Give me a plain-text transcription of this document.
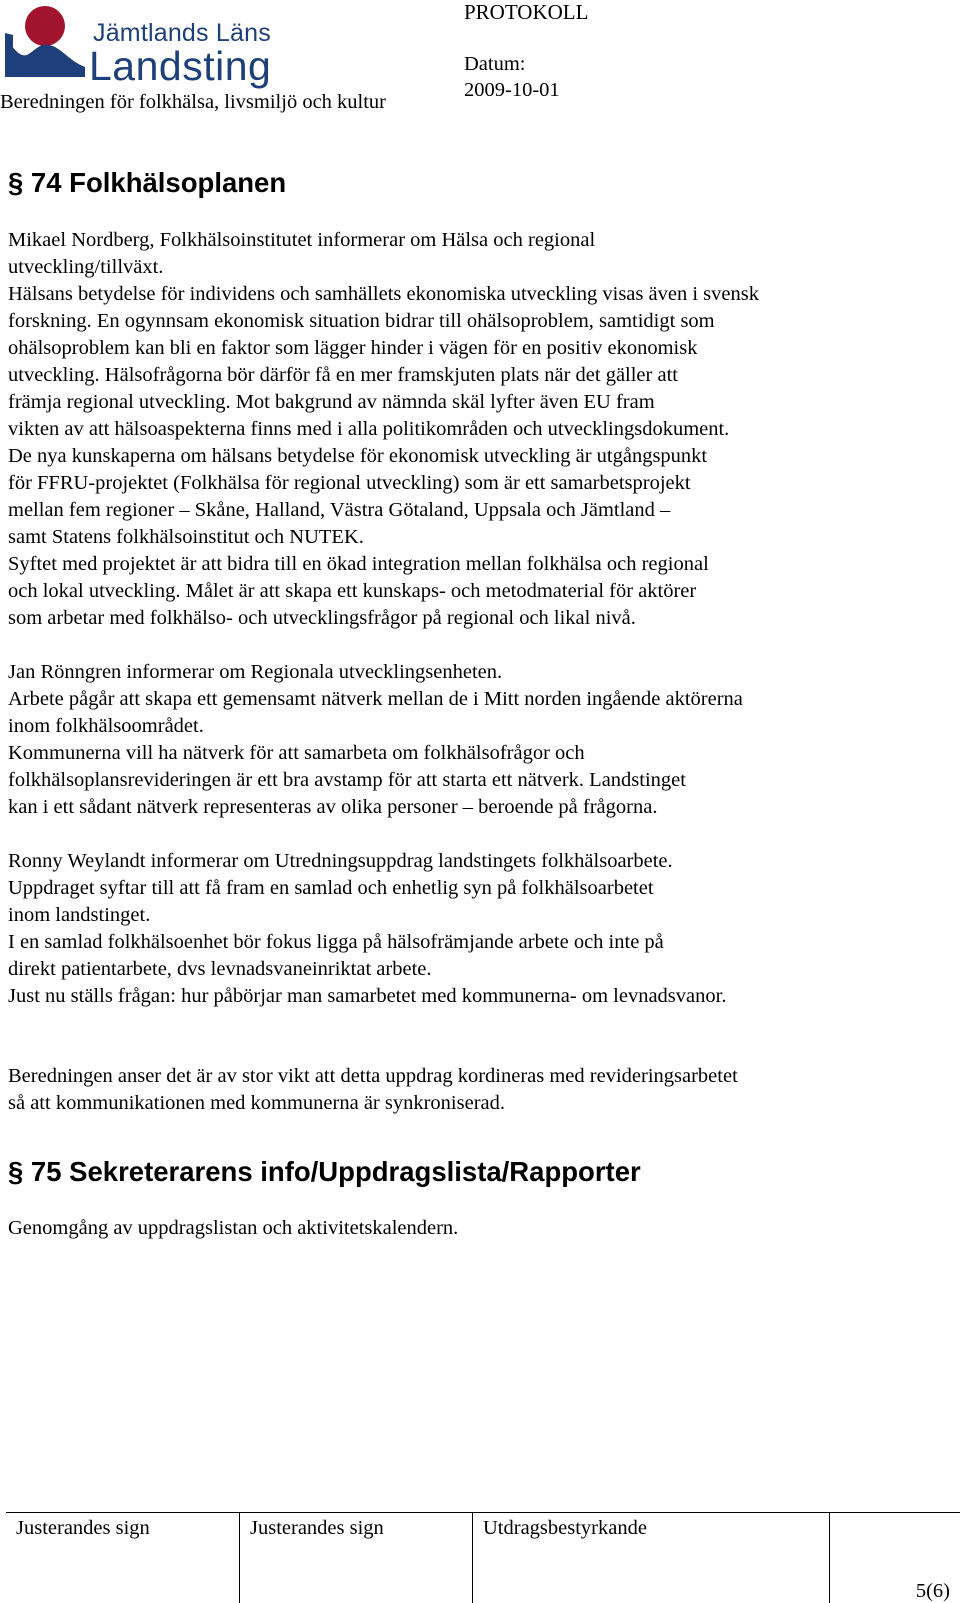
Jämtlands Läns
Landsting
Beredningen för folkhälsa, livsmiljö och kultur
PROTOKOLL
Datum:
2009-10-01
§ 74 Folkhälsoplanen

Mikael Nordberg, Folkhälsoinstitutet informerar om Hälsa och regional

utveckling/tillväxt.

Hälsans betydelse för individens och samhällets ekonomiska utveckling visas även i svensk

forskning. En ogynnsam ekonomisk situation bidrar till ohälsoproblem, samtidigt som

ohälsoproblem kan bli en faktor som lägger hinder i vägen för en positiv ekonomisk

utveckling. Hälsofrågorna bör därför få en mer framskjuten plats när det gäller att

främja regional utveckling. Mot bakgrund av nämnda skäl lyfter även EU fram

vikten av att hälsoaspekterna finns med i alla politikområden och utvecklingsdokument.

De nya kunskaperna om hälsans betydelse för ekonomisk utveckling är utgångspunkt

för FFRU-projektet (Folkhälsa för regional utveckling) som är ett samarbetsprojekt

mellan fem regioner – Skåne, Halland, Västra Götaland, Uppsala och Jämtland –

samt Statens folkhälsoinstitut och NUTEK.

Syftet med projektet är att bidra till en ökad integration mellan folkhälsa och regional

och lokal utveckling. Målet är att skapa ett kunskaps- och metodmaterial för aktörer

som arbetar med folkhälso- och utvecklingsfrågor på regional och likal nivå.

Jan Rönngren informerar om Regionala utvecklingsenheten.

Arbete pågår att skapa ett gemensamt nätverk mellan de i Mitt norden ingående aktörerna

inom folkhälsoområdet.

Kommunerna vill ha nätverk för att samarbeta om folkhälsofrågor och

folkhälsoplansrevideringen är ett bra avstamp för att starta ett nätverk. Landstinget

kan i ett sådant nätverk representeras av olika personer – beroende på frågorna.

Ronny Weylandt informerar om Utredningsuppdrag landstingets folkhälsoarbete.

Uppdraget syftar till att få fram en samlad och enhetlig syn på folkhälsoarbetet

inom landstinget.

I en samlad folkhälsoenhet bör fokus ligga på hälsofrämjande arbete och inte på

direkt patientarbete, dvs levnadsvaneinriktat arbete.

Just nu ställs frågan: hur påbörjar man samarbetet med kommunerna- om levnadsvanor.

Beredningen anser det är av stor vikt att detta uppdrag kordineras med revideringsarbetet

så att kommunikationen med kommunerna är synkroniserad.

§ 75 Sekreterarens info/Uppdragslista/Rapporter

Genomgång av uppdragslistan och aktivitetskalendern.

Justerandes sign	Justerandes sign	Utdragsbestyrkande
5(6)
